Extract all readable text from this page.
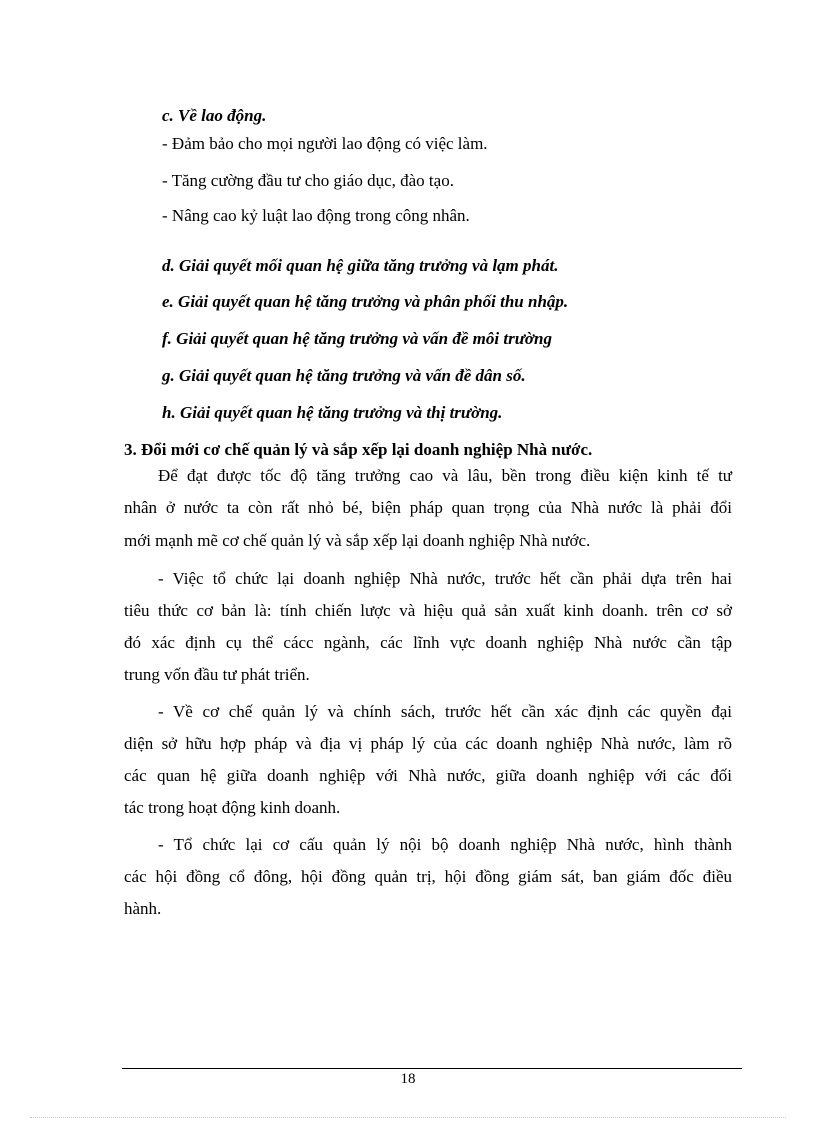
c. Về lao động.
- Đảm bảo cho mọi người lao động có việc làm.
- Tăng cường đầu tư cho giáo dục, đào tạo.
- Nâng cao kỷ luật lao động trong công nhân.
d. Giải quyết mối quan hệ giữa tăng trưởng và lạm phát.
e. Giải quyết quan hệ tăng trưởng và phân phối thu nhập.
f. Giải quyết quan hệ tăng trưởng và vấn đề môi trường
g. Giải quyết quan hệ tăng trưởng và vấn đề dân số.
h. Giải quyết quan hệ tăng trưởng và thị trường.
3. Đổi mới cơ chế quản lý và sắp xếp lại doanh nghiệp Nhà nước.
Để đạt được tốc độ tăng trưởng cao và lâu, bền trong điều kiện kinh tế tư
nhân ở nước ta còn rất nhỏ bé, biện pháp quan trọng của Nhà nước là phải đổi
mới mạnh mẽ cơ chế quản lý và sắp xếp lại doanh nghiệp Nhà nước.
- Việc tổ chức lại doanh nghiệp Nhà nước, trước hết cần phải dựa trên hai
tiêu thức cơ bản là: tính chiến lược và hiệu quả sản xuất kinh doanh. trên cơ sở
đó xác định cụ thể cácc ngành, các lĩnh vực doanh nghiệp Nhà nước cần tập
trung vốn đầu tư phát triển.
- Về cơ chế quản lý và chính sách, trước hết cần xác định các quyền đại
diện sở hữu hợp pháp và địa vị pháp lý của các doanh nghiệp Nhà nước, làm rõ
các quan hệ giữa doanh nghiệp với Nhà nước, giữa doanh nghiệp với các đối
tác trong hoạt động kinh doanh.
- Tổ chức lại cơ cấu quản lý nội bộ doanh nghiệp Nhà nước, hình thành
các hội đồng cổ đông, hội đồng quản trị, hội đồng giám sát, ban giám đốc điều
hành.
18
